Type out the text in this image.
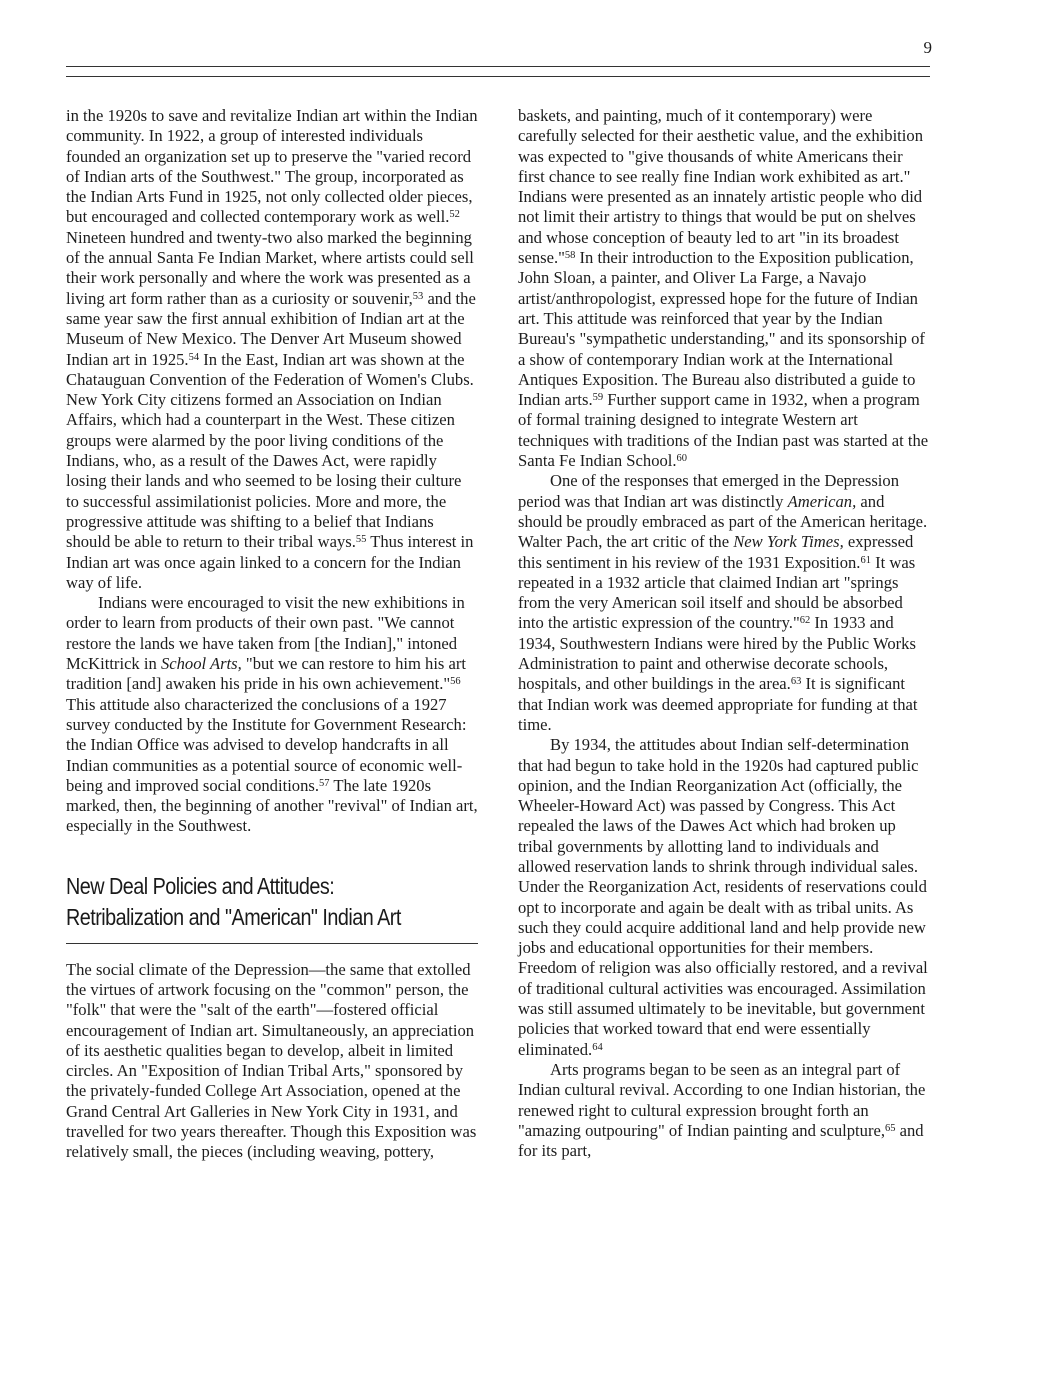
9

in the 1920s to save and revitalize Indian art within the Indian community. In 1922, a group of interested individuals founded an organization set up to preserve the "varied record of Indian arts of the Southwest." The group, incorporated as the Indian Arts Fund in 1925, not only collected older pieces, but encouraged and collected contemporary work as well.$^{52}$ Nineteen hundred and twenty-two also marked the beginning of the annual Santa Fe Indian Market, where artists could sell their work personally and where the work was presented as a living art form rather than as a curiosity or souvenir,$^{53}$ and the same year saw the first annual exhibition of Indian art at the Museum of New Mexico. The Denver Art Museum showed Indian art in 1925.54 In the East, Indian art was shown at the Chatauguan Convention of the Federation of Women's Clubs. New York City citizens formed an Association on Indian Affairs, which had a counterpart in the West. These citizen groups were alarmed by the poor living conditions of the Indians, who, as a result of the Dawes Act, were rapidly losing their lands and who seemed to be losing their culture to successful assimilationist policies. More and more, the progressive attitude was shifting to a belief that Indians should be able to return to their tribal ways.$^{55}$ Thus interest in Indian art was once again linked to a concern for the Indian way of life.

Indians were encouraged to visit the new exhibitions in order to learn from products of their own past. "We cannot restore the lands we have taken from [the Indian]," intoned McKittrick in School Arts, "but we can restore to him his art tradition [and] awaken his pride in his own achievement."$^{56}$ This attitude also characterized the conclusions of a 1927 survey conducted by the Institute for Government Research: the Indian Office was advised to develop handcrafts in all Indian communities as a potential source of economic well-being and improved social conditions.$^{57}$ The late 1920s marked, then, the beginning of another "revival" of Indian art, especially in the Southwest.

New Deal Policies and Attitudes:
Retribalization and "American" Indian Art

The social climate of the Depression—the same that extolled the virtues of artwork focusing on the "common" person, the "folk" that were the "salt of the earth"—fostered official encouragement of Indian art. Simultaneously, an appreciation of its aesthetic qualities began to develop, albeit in limited circles. An "Exposition of Indian Tribal Arts," sponsored by the privately-funded College Art Association, opened at the Grand Central Art Galleries in New York City in 1931, and travelled for two years thereafter. Though this Exposition was relatively small, the pieces (including weaving, pottery,

baskets, and painting, much of it contemporary) were carefully selected for their aesthetic value, and the exhibition was expected to "give thousands of white Americans their first chance to see really fine Indian work exhibited as art." Indians were presented as an innately artistic people who did not limit their artistry to things that would be put on shelves and whose conception of beauty led to art "in its broadest sense."$^{58}$ In their introduction to the Exposition publication, John Sloan, a painter, and Oliver La Farge, a Navajo artist/anthropologist, expressed hope for the future of Indian art. This attitude was reinforced that year by the Indian Bureau's "sympathetic understanding," and its sponsorship of a show of contemporary Indian work at the International Antiques Exposition. The Bureau also distributed a guide to Indian arts.$^{59}$ Further support came in 1932, when a program of formal training designed to integrate Western art techniques with traditions of the Indian past was started at the Santa Fe Indian School.$^{60}$

One of the responses that emerged in the Depression period was that Indian art was distinctly American, and should be proudly embraced as part of the American heritage. Walter Pach, the art critic of the New York Times, expressed this sentiment in his review of the 1931 Exposition.$^{61}$ It was repeated in a 1932 article that claimed Indian art "springs from the very American soil itself and should be absorbed into the artistic expression of the country."$^{62}$ In 1933 and 1934, Southwestern Indians were hired by the Public Works Administration to paint and otherwise decorate schools, hospitals, and other buildings in the area.$^{63}$ It is significant that Indian work was deemed appropriate for funding at that time.

By 1934, the attitudes about Indian self-determination that had begun to take hold in the 1920s had captured public opinion, and the Indian Reorganization Act (officially, the Wheeler-Howard Act) was passed by Congress. This Act repealed the laws of the Dawes Act which had broken up tribal governments by allotting land to individuals and allowed reservation lands to shrink through individual sales. Under the Reorganization Act, residents of reservations could opt to incorporate and again be dealt with as tribal units. As such they could acquire additional land and help provide new jobs and educational opportunities for their members. Freedom of religion was also officially restored, and a revival of traditional cultural activities was encouraged. Assimilation was still assumed ultimately to be inevitable, but government policies that worked toward that end were essentially eliminated.$^{64}$

Arts programs began to be seen as an integral part of Indian cultural revival. According to one Indian historian, the renewed right to cultural expression brought forth an "amazing outpouring" of Indian painting and sculpture,$^{65}$ and for its part,
